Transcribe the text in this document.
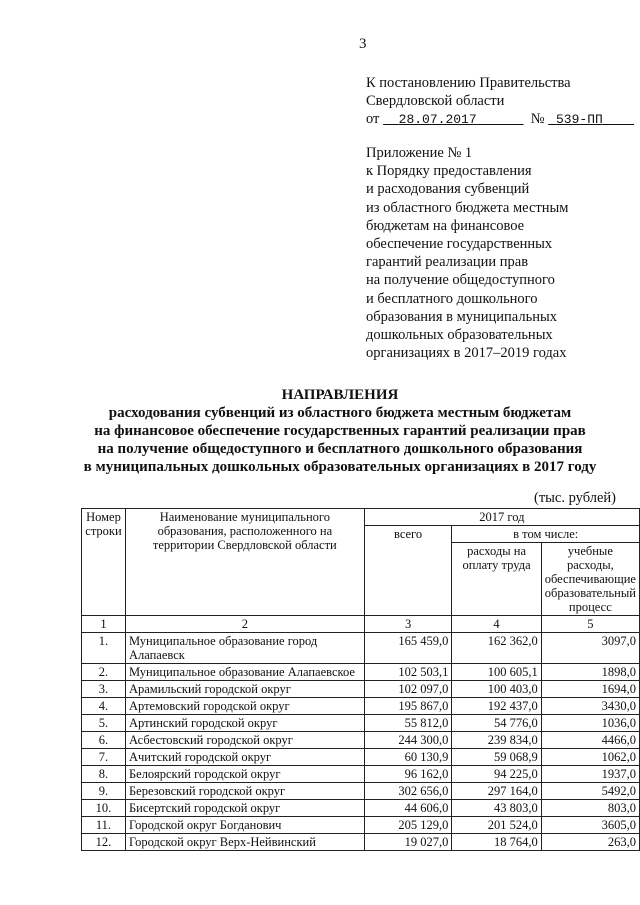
3
К постановлению Правительства
Свердловской области
от 28.07.2017	№ 539-ПП
Приложение № 1
к Порядку предоставления
и расходования субвенций
из областного бюджета местным
бюджетам на финансовое
обеспечение государственных
гарантий реализации прав
на получение общедоступного
и бесплатного дошкольного
образования в муниципальных
дошкольных образовательных
организациях в 2017–2019 годах
НАПРАВЛЕНИЯ
расходования субвенций из областного бюджета местным бюджетам
на финансовое обеспечение государственных гарантий реализации прав
на получение общедоступного и бесплатного дошкольного образования
в муниципальных дошкольных образовательных организациях в 2017 году
(тыс. рублей)
Номер строки	Наименование муниципального образования, расположенного на территории Свердловской области	2017 год		
		всего	в том числе:	
			расходы на оплату труда	учебные расходы, обеспечивающие образовательный процесс
1	2	3	4	5
1.	Муниципальное образование город Алапаевск	165 459,0	162 362,0	3097,0
2.	Муниципальное образование Алапаевское	102 503,1	100 605,1	1898,0
3.	Арамильский городской округ	102 097,0	100 403,0	1694,0
4.	Артемовский городской округ	195 867,0	192 437,0	3430,0
5.	Артинский городской округ	55 812,0	54 776,0	1036,0
6.	Асбестовский городской округ	244 300,0	239 834,0	4466,0
7.	Ачитский городской округ	60 130,9	59 068,9	1062,0
8.	Белоярский городской округ	96 162,0	94 225,0	1937,0
9.	Березовский городской округ	302 656,0	297 164,0	5492,0
10.	Бисертский городской округ	44 606,0	43 803,0	803,0
11.	Городской округ Богданович	205 129,0	201 524,0	3605,0
12.	Городской округ Верх-Нейвинский	19 027,0	18 764,0	263,0
